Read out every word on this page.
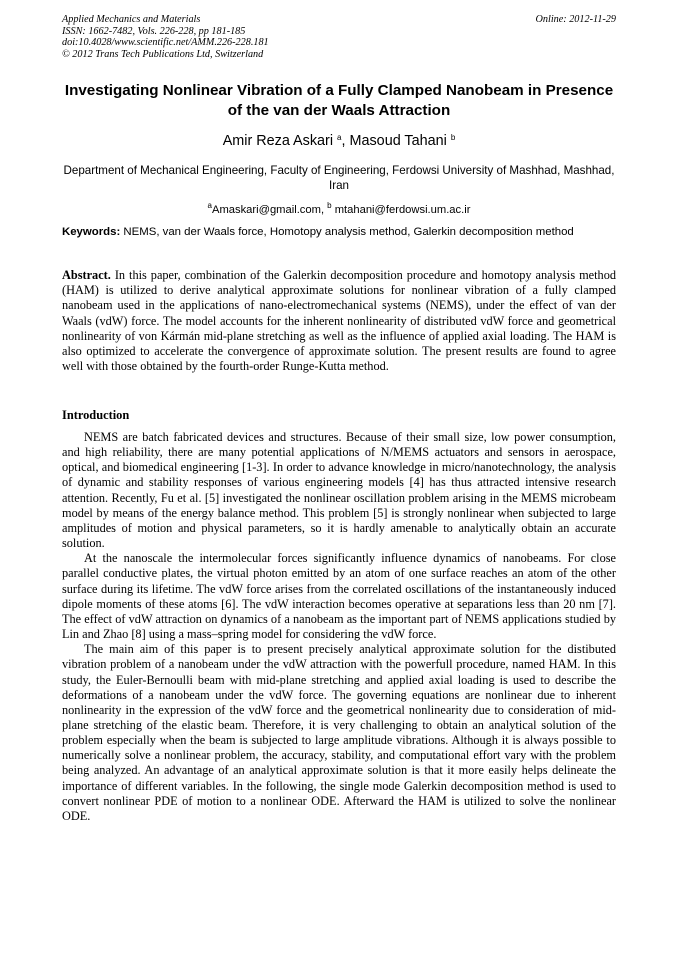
Applied Mechanics and Materials
ISSN: 1662-7482, Vols. 226-228, pp 181-185
doi:10.4028/www.scientific.net/AMM.226-228.181
© 2012 Trans Tech Publications Ltd, Switzerland
Online: 2012-11-29
Investigating Nonlinear Vibration of a Fully Clamped Nanobeam in Presence of the van der Waals Attraction
Amir Reza Askari $^a$, Masoud Tahani $^b$
Department of Mechanical Engineering, Faculty of Engineering, Ferdowsi University of Mashhad, Mashhad, Iran
$^a$Amaskari@gmail.com, $^b$ mtahani@ferdowsi.um.ac.ir
Keywords: NEMS, van der Waals force, Homotopy analysis method, Galerkin decomposition method
Abstract. In this paper, combination of the Galerkin decomposition procedure and homotopy analysis method (HAM) is utilized to derive analytical approximate solutions for nonlinear vibration of a fully clamped nanobeam used in the applications of nano-electromechanical systems (NEMS), under the effect of van der Waals (vdW) force. The model accounts for the inherent nonlinearity of distributed vdW force and geometrical nonlinearity of von Kármán mid-plane stretching as well as the influence of applied axial loading. The HAM is also optimized to accelerate the convergence of approximate solution. The present results are found to agree well with those obtained by the fourth-order Runge-Kutta method.
Introduction

NEMS are batch fabricated devices and structures. Because of their small size, low power consumption, and high reliability, there are many potential applications of N/MEMS actuators and sensors in aerospace, optical, and biomedical engineering [1-3]. In order to advance knowledge in micro/nanotechnology, the analysis of dynamic and stability responses of various engineering models [4] has thus attracted intensive research attention. Recently, Fu et al. [5] investigated the nonlinear oscillation problem arising in the MEMS microbeam model by means of the energy balance method. This problem [5] is strongly nonlinear when subjected to large amplitudes of motion and physical parameters, so it is hardly amenable to analytically obtain an accurate solution.

At the nanoscale the intermolecular forces significantly influence dynamics of nanobeams. For close parallel conductive plates, the virtual photon emitted by an atom of one surface reaches an atom of the other surface during its lifetime. The vdW force arises from the correlated oscillations of the instantaneously induced dipole moments of these atoms [6]. The vdW interaction becomes operative at separations less than 20 nm [7]. The effect of vdW attraction on dynamics of a nanobeam as the important part of NEMS applications studied by Lin and Zhao [8] using a mass–spring model for considering the vdW force.

The main aim of this paper is to present precisely analytical approximate solution for the distibuted vibration problem of a nanobeam under the vdW attraction with the powerfull procedure, named HAM. In this study, the Euler-Bernoulli beam with mid-plane stretching and applied axial loading is used to describe the deformations of a nanobeam under the vdW force. The governing equations are nonlinear due to inherent nonlinearity in the expression of the vdW force and the geometrical nonlinearity due to consideration of mid-plane stretching of the elastic beam. Therefore, it is very challenging to obtain an analytical solution of the problem especially when the beam is subjected to large amplitude vibrations. Although it is always possible to numerically solve a nonlinear problem, the accuracy, stability, and computational effort vary with the problem being analyzed. An advantage of an analytical approximate solution is that it more easily helps delineate the importance of different variables. In the following, the single mode Galerkin decomposition method is used to convert nonlinear PDE of motion to a nonlinear ODE. Afterward the HAM is utilized to solve the nonlinear ODE.
